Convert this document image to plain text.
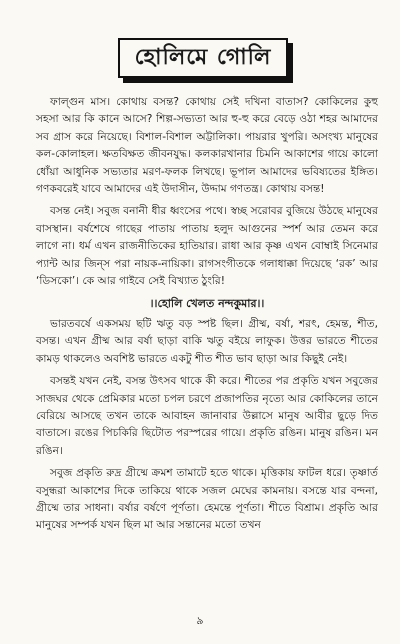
হোলিমে গোলি

ফাল্গুন মাস। কোথায় বসন্ত? কোথায় সেই দখিনা বাতাস? কোকিলের কুহু সহসা আর কি কানে আসে? শিল্প-সভ্যতা আর হু-হু করে বেড়ে ওঠা শহর আমাদের সব গ্রাস করে নিয়েছে। বিশাল-বিশাল অট্টালিকা। পায়রার খুপরি। অসংখ্য মানুষের কল-কোলাহল। ক্ষতবিক্ষত জীবনযুদ্ধ। কলকারখানার চিমনি আকাশের গায়ে কালো ধোঁয়া আধুনিক সভ্যতার মরণ-ফলক লিখছে। ভূপাল আমাদের ভবিষ্যতের ইঙ্গিত। গণকবরেই যাবে আমাদের এই উদাসীন, উদ্দাম গণতন্ত্র। কোথায় বসন্ত!

বসন্ত নেই। সবুজ বনানী ধীর ধ্বংসের পথে। স্বচ্ছ সরোবর বুজিয়ে উঠছে মানুষের বাসস্থান। বর্ষশেষে গাছের পাতায় পাতায় হলুদ আগুনের স্পর্শ আর তেমন করে লাগে না। ধর্ম এখন রাজনীতিকের হাতিয়ার। রাধা আর কৃষ্ণ এখন বোম্বাই সিনেমার প্যান্ট আর জিন্‌স পরা নায়ক-নায়িকা। রাগসংগীতকে গলাধাক্কা দিয়েছে ‘রক’ আর ‘ডিসকো’। কে আর গাইবে সেই বিখ্যাত ঠুংরি!

।।হোলি খেলত নন্দকুমার।।

ভারতবর্ষে একসময় ছটি ঋতু বড় স্পষ্ট ছিল। গ্রীষ্ম, বর্ষা, শরৎ, হেমন্ত, শীত, বসন্ত। এখন গ্রীষ্ম আর বর্ষা ছাড়া বাকি ঋতু বইয়ে লাফুক। উত্তর ভারতে শীতের কামড় থাকলেও অবশিষ্ট ভারতে একটু শীত শীত ভাব ছাড়া আর কিছুই নেই।

বসন্তই যখন নেই, বসন্ত উৎসব থাকে কী করে। শীতের পর প্রকৃতি যখন সবুজের সাজঘর থেকে প্রেমিকার মতো চপল চরণে প্রজাপতির নৃত্যে আর কোকিলের তানে বেরিয়ে আসছে তখন তাকে আবাহন জানাবার উল্লাসে মানুষ আবীর ছুড়ে দিত বাতাসে। রঙের পিচকিরি ছিটোত পরস্পরের গায়ে। প্রকৃতি রঙিন। মানুষ রঙিন। মন রঙিন।

সবুজ প্রকৃতি রুদ্র গ্রীষ্মে ক্রমশ তামাটে হতে থাকে। মৃত্তিকায় ফাটল ধরে। তৃষ্ণার্ত বসুন্ধরা আকাশের দিকে তাকিয়ে থাকে সজল মেঘের কামনায়। বসন্তে যার বন্দনা, গ্রীষ্মে তার সাধনা। বর্ষার বর্ষণে পূর্ণতা। হেমন্তে পূর্ণতা। শীতে বিশ্রাম। প্রকৃতি আর মানুষের সম্পর্ক যখন ছিল মা আর সন্তানের মতো তখন

৯
